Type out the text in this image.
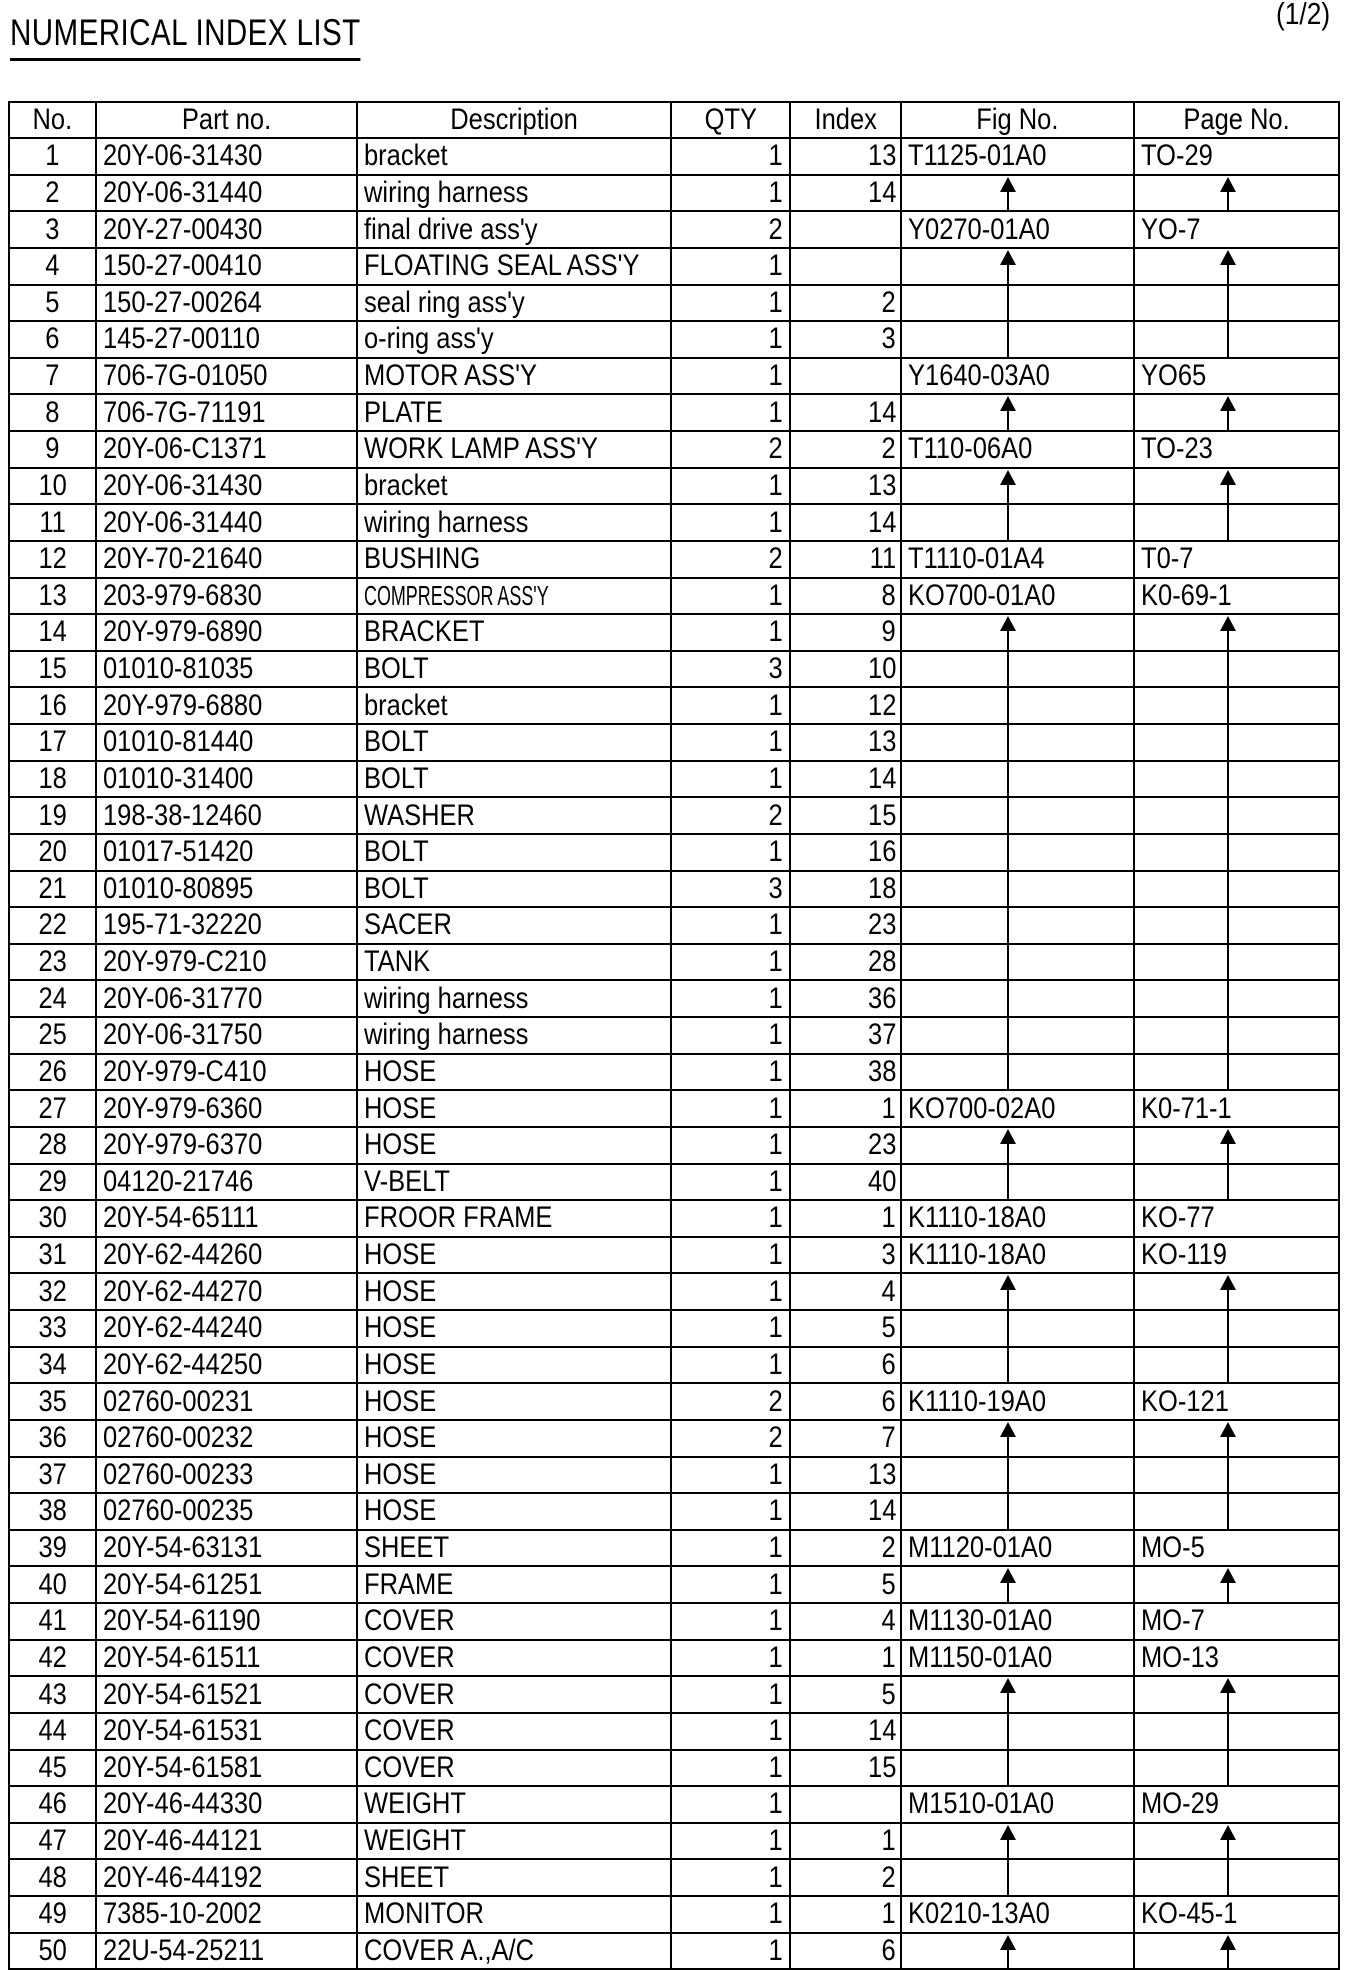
NUMERICAL INDEX LIST	(1/2)
No.	Part no.	Description	QTY	Index	Fig No.	Page No.
1	20Y-06-31430	bracket	1	13	T1125-01A0	TO-29
2	20Y-06-31440	wiring harness	1	14	

3	20Y-27-00430	final drive ass'y	2		Y0270-01A0	YO-7
4	150-27-00410	FLOATING SEAL ASS'Y	1		

5	150-27-00264	seal ring ass'y	1	2	

6	145-27-00110	o-ring ass'y	1	3	

7	706-7G-01050	MOTOR ASS'Y	1		Y1640-03A0	YO65
8	706-7G-71191	PLATE	1	14	

9	20Y-06-C1371	WORK LAMP ASS'Y	2	2	T110-06A0	TO-23
10	20Y-06-31430	bracket	1	13	

11	20Y-06-31440	wiring harness	1	14	

12	20Y-70-21640	BUSHING	2	11	T1110-01A4	T0-7
13	203-979-6830	COMPRESSOR ASS'Y	1	8	KO700-01A0	K0-69-1
14	20Y-979-6890	BRACKET	1	9	

15	01010-81035	BOLT	3	10	

16	20Y-979-6880	bracket	1	12	

17	01010-81440	BOLT	1	13	

18	01010-31400	BOLT	1	14	

19	198-38-12460	WASHER	2	15	

20	01017-51420	BOLT	1	16	

21	01010-80895	BOLT	3	18	

22	195-71-32220	SACER	1	23	

23	20Y-979-C210	TANK	1	28	

24	20Y-06-31770	wiring harness	1	36	

25	20Y-06-31750	wiring harness	1	37	

26	20Y-979-C410	HOSE	1	38	

27	20Y-979-6360	HOSE	1	1	KO700-02A0	K0-71-1
28	20Y-979-6370	HOSE	1	23	

29	04120-21746	V-BELT	1	40	

30	20Y-54-65111	FROOR FRAME	1	1	K1110-18A0	KO-77
31	20Y-62-44260	HOSE	1	3	K1110-18A0	KO-119
32	20Y-62-44270	HOSE	1	4	

33	20Y-62-44240	HOSE	1	5	

34	20Y-62-44250	HOSE	1	6	

35	02760-00231	HOSE	2	6	K1110-19A0	KO-121
36	02760-00232	HOSE	2	7	

37	02760-00233	HOSE	1	13	

38	02760-00235	HOSE	1	14	

39	20Y-54-63131	SHEET	1	2	M1120-01A0	MO-5
40	20Y-54-61251	FRAME	1	5	

41	20Y-54-61190	COVER	1	4	M1130-01A0	MO-7
42	20Y-54-61511	COVER	1	1	M1150-01A0	MO-13
43	20Y-54-61521	COVER	1	5	

44	20Y-54-61531	COVER	1	14	

45	20Y-54-61581	COVER	1	15	

46	20Y-46-44330	WEIGHT	1		M1510-01A0	MO-29
47	20Y-46-44121	WEIGHT	1	1	

48	20Y-46-44192	SHEET	1	2	

49	7385-10-2002	MONITOR	1	1	K0210-13A0	KO-45-1
50	22U-54-25211	COVER A.,A/C	1	6	
